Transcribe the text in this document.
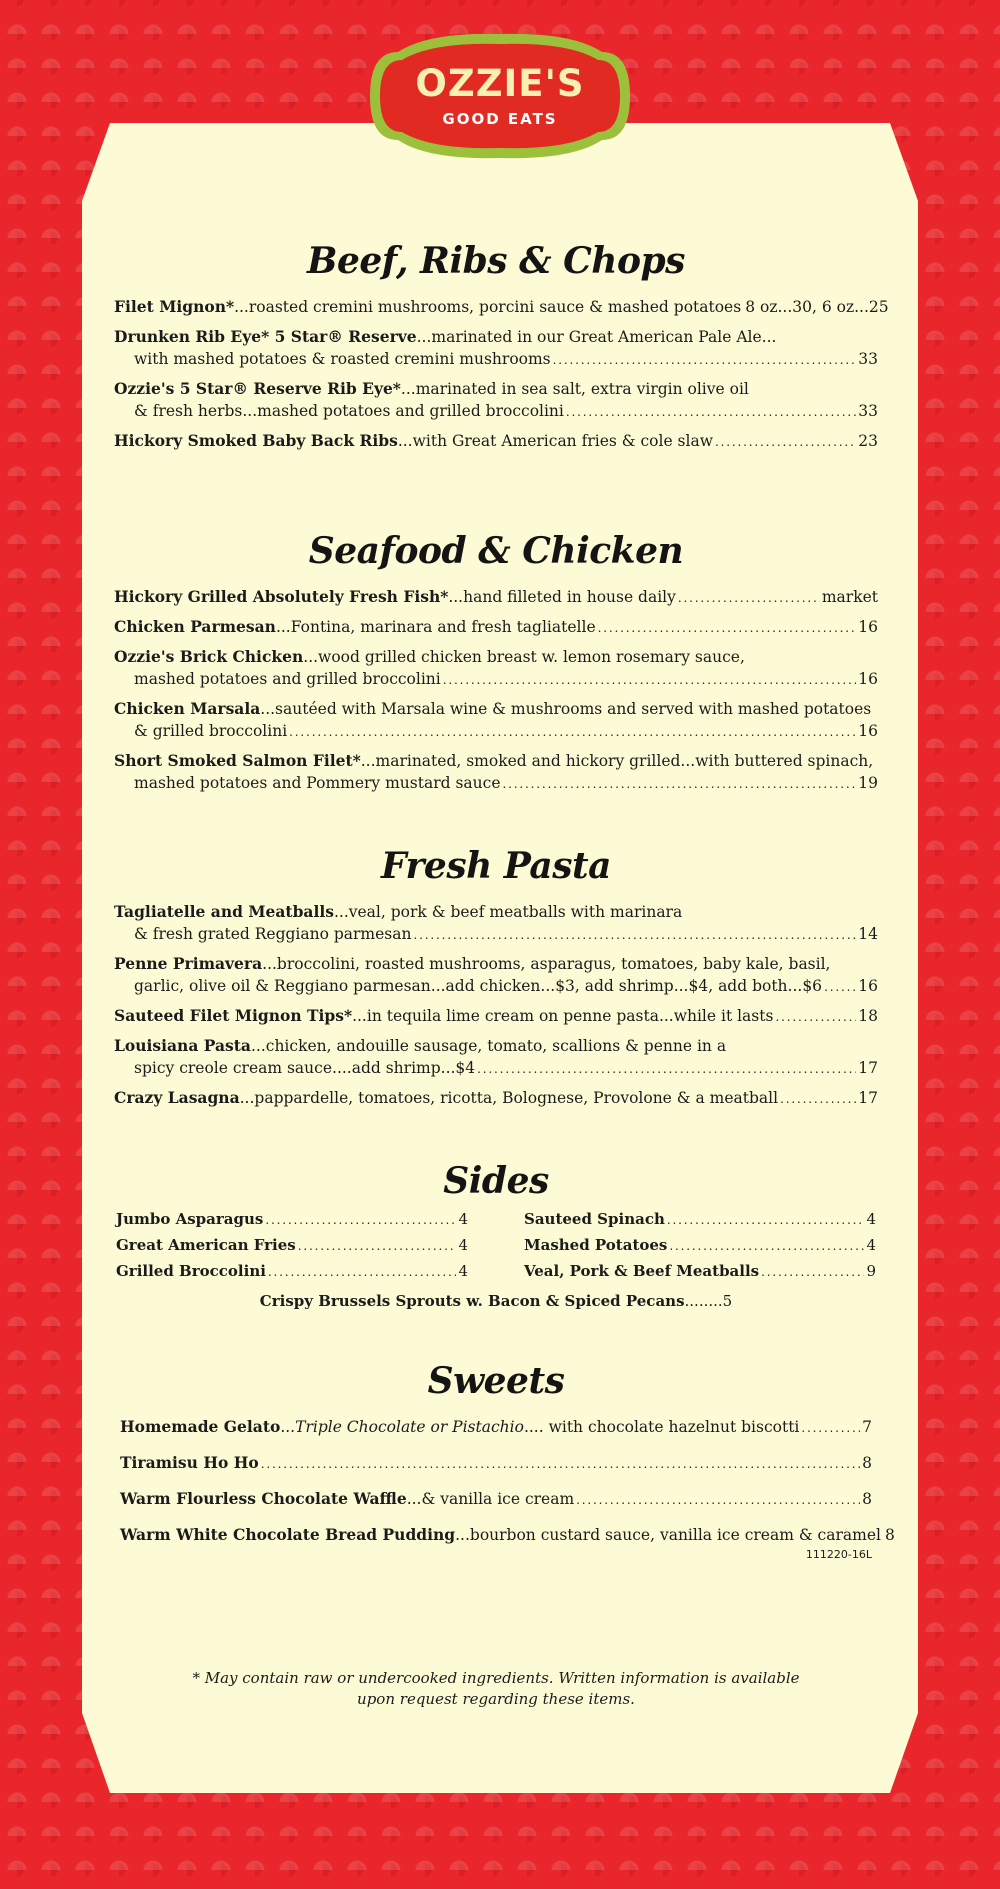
OZZIE'S
GOOD EATS
Beef, Ribs & Chops
Filet Mignon* ...roasted cremini mushrooms, porcini sauce & mashed potatoes 8 oz...30, 6 oz...25
Drunken Rib Eye* 5 Star® Reserve ...marinated in our Great American Pale Ale...
with mashed potatoes & roasted cremini mushrooms . . .	33
Ozzie's 5 Star® Reserve Rib Eye* ...marinated in sea salt, extra virgin olive oil
& fresh herbs...mashed potatoes and grilled broccolini . . .	33
Hickory Smoked Baby Back Ribs ...with Great American fries & cole slaw . . .	23
Seafood & Chicken
Hickory Grilled Absolutely Fresh Fish* ...hand filleted in house daily . . .	market
Chicken Parmesan ...Fontina, marinara and fresh tagliatelle . . .	16
Ozzie's Brick Chicken ...wood grilled chicken breast w. lemon rosemary sauce,
mashed potatoes and grilled broccolini . . .	16
Chicken Marsala ...sautéed with Marsala wine & mushrooms and served with mashed potatoes
& grilled broccolini . . .	16
Short Smoked Salmon Filet* ...marinated, smoked and hickory grilled...with buttered spinach,
mashed potatoes and Pommery mustard sauce . . .	19
Fresh Pasta
Tagliatelle and Meatballs ...veal, pork & beef meatballs with marinara
& fresh grated Reggiano parmesan . . .	14
Penne Primavera ...broccolini, roasted mushrooms, asparagus, tomatoes, baby kale, basil,
garlic, olive oil & Reggiano parmesan...add chicken...$3, add shrimp...$4, add both...$6 . . . 16
Sauteed Filet Mignon Tips* ...in tequila lime cream on penne pasta...while it lasts . . .	18
Louisiana Pasta ...chicken, andouille sausage, tomato, scallions & penne in a
spicy creole cream sauce....add shrimp...$4 . . .	17
Crazy Lasagna ...pappardelle, tomatoes, ricotta, Bolognese, Provolone & a meatball . . .	17
Sides
Jumbo Asparagus . . .	4
Great American Fries . . .	4
Grilled Broccolini . . .	4
Sauteed Spinach . . .	4
Mashed Potatoes . . .	4
Veal, Pork & Beef Meatballs . . .	9
Crispy Brussels Sprouts w. Bacon & Spiced Pecans........5
Sweets
Homemade Gelato ...Triple Chocolate or Pistachio .... with chocolate hazelnut biscotti . . .	7
Tiramisu Ho Ho . . .	8
Warm Flourless Chocolate Waffle ...& vanilla ice cream . . .	8
Warm White Chocolate Bread Pudding ...bourbon custard sauce, vanilla ice cream & caramel 8
111220-16L
* May contain raw or undercooked ingredients. Written information is available
upon request regarding these items.
